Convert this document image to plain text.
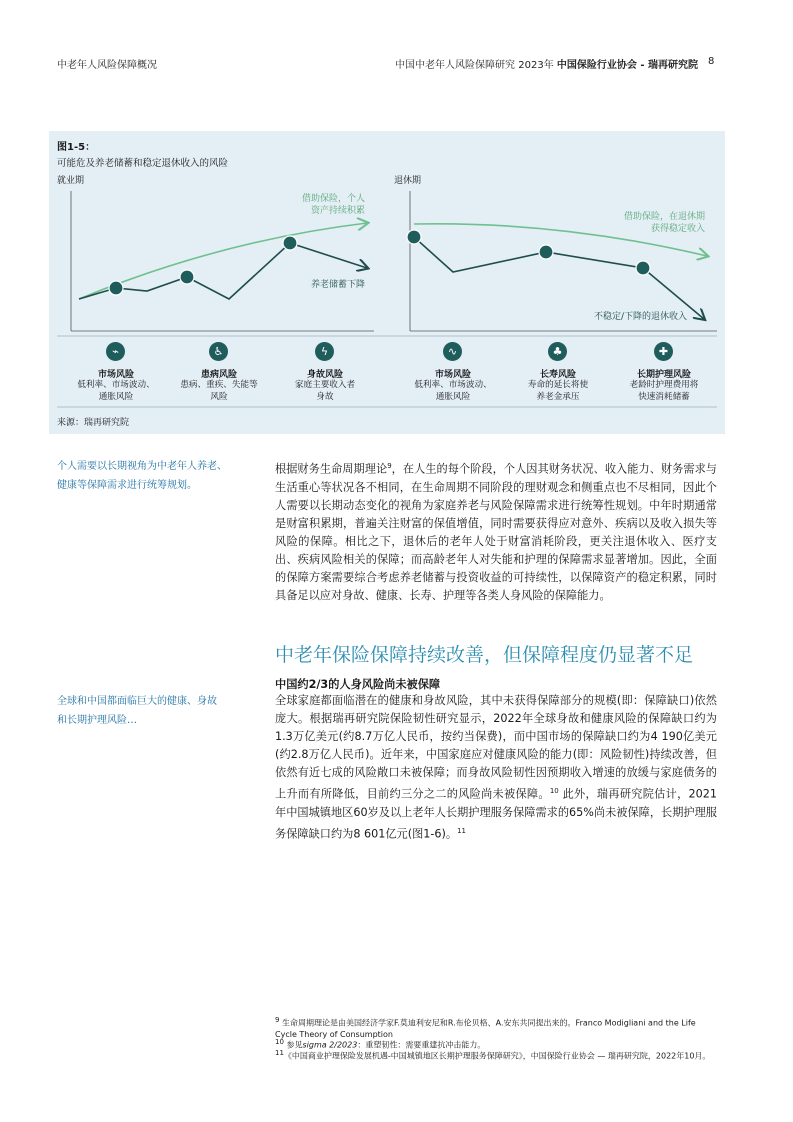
中老年人风险保障概况	中国中老年人风险保障研究 2023年 中国保险行业协会 - 瑞再研究院 8
图1-5：
可能危及养老储蓄和稳定退休收入的风险
就业期	退休期
借助保险，个人
资产持续积累
养老储蓄下降
借助保险，在退休期
获得稳定收入
不稳定/下降的退休收入
⌁
市场风险
低利率、市场波动、
通胀风险
♿
患病风险
患病、重疾、失能等
风险
ϟ
身故风险
家庭主要收入者
身故
∿
市场风险
低利率、市场波动、
通胀风险
♣
长寿风险
寿命的延长将使
养老金承压
✚
长期护理风险
老龄时护理费用将
快速消耗储蓄
来源：瑞再研究院
个人需要以长期视角为中老年人养老、
健康等保障需求进行统筹规划。
全球和中国都面临巨大的健康、身故
和长期护理风险…
根据财务生命周期理论$^9$，在人生的每个阶段，个人因其财务状况、收入能力、财务需求与生活重心等状况各不相同，在生命周期不同阶段的理财观念和侧重点也不尽相同，因此个人需要以长期动态变化的视角为家庭养老与风险保障需求进行统筹性规划。中年时期通常是财富积累期，普遍关注财富的保值增值，同时需要获得应对意外、疾病以及收入损失等风险的保障。相比之下，退休后的老年人处于财富消耗阶段，更关注退休收入、医疗支出、疾病风险相关的保障；而高龄老年人对失能和护理的保障需求显著增加。因此，全面的保障方案需要综合考虑养老储蓄与投资收益的可持续性，以保障资产的稳定积累，同时具备足以应对身故、健康、长寿、护理等各类人身风险的保障能力。
中老年保险保障持续改善，但保障程度仍显著不足
中国约2/3的人身风险尚未被保障
全球家庭都面临潜在的健康和身故风险，其中未获得保障部分的规模(即：保障缺口)依然庞大。根据瑞再研究院保险韧性研究显示，2022年全球身故和健康风险的保障缺口约为1.3万亿美元(约8.7万亿人民币，按约当保费)，而中国市场的保障缺口约为4 190亿美元(约2.8万亿人民币)。近年来，中国家庭应对健康风险的能力(即：风险韧性)持续改善，但依然有近七成的风险敞口未被保障；而身故风险韧性因预期收入增速的放缓与家庭债务的上升而有所降低，目前约三分之二的风险尚未被保障。$^{10}$ 此外，瑞再研究院估计，2021年中国城镇地区60岁及以上老年人长期护理服务保障需求的65%尚未被保障，长期护理服务保障缺口约为8 601亿元(图1-6)。$^{11}$
$^9$ 生命周期理论是由美国经济学家F.莫迪利安尼和R.布伦贝格、A.安东共同提出来的。Franco Modigliani and the Life Cycle Theory of Consumption
$^{10}$ 参见sigma 2/2023：重塑韧性：需要重建抗冲击能力。
$^{11}$《中国商业护理保险发展机遇-中国城镇地区长期护理服务保障研究》，中国保险行业协会 — 瑞再研究院，2022年10月。
